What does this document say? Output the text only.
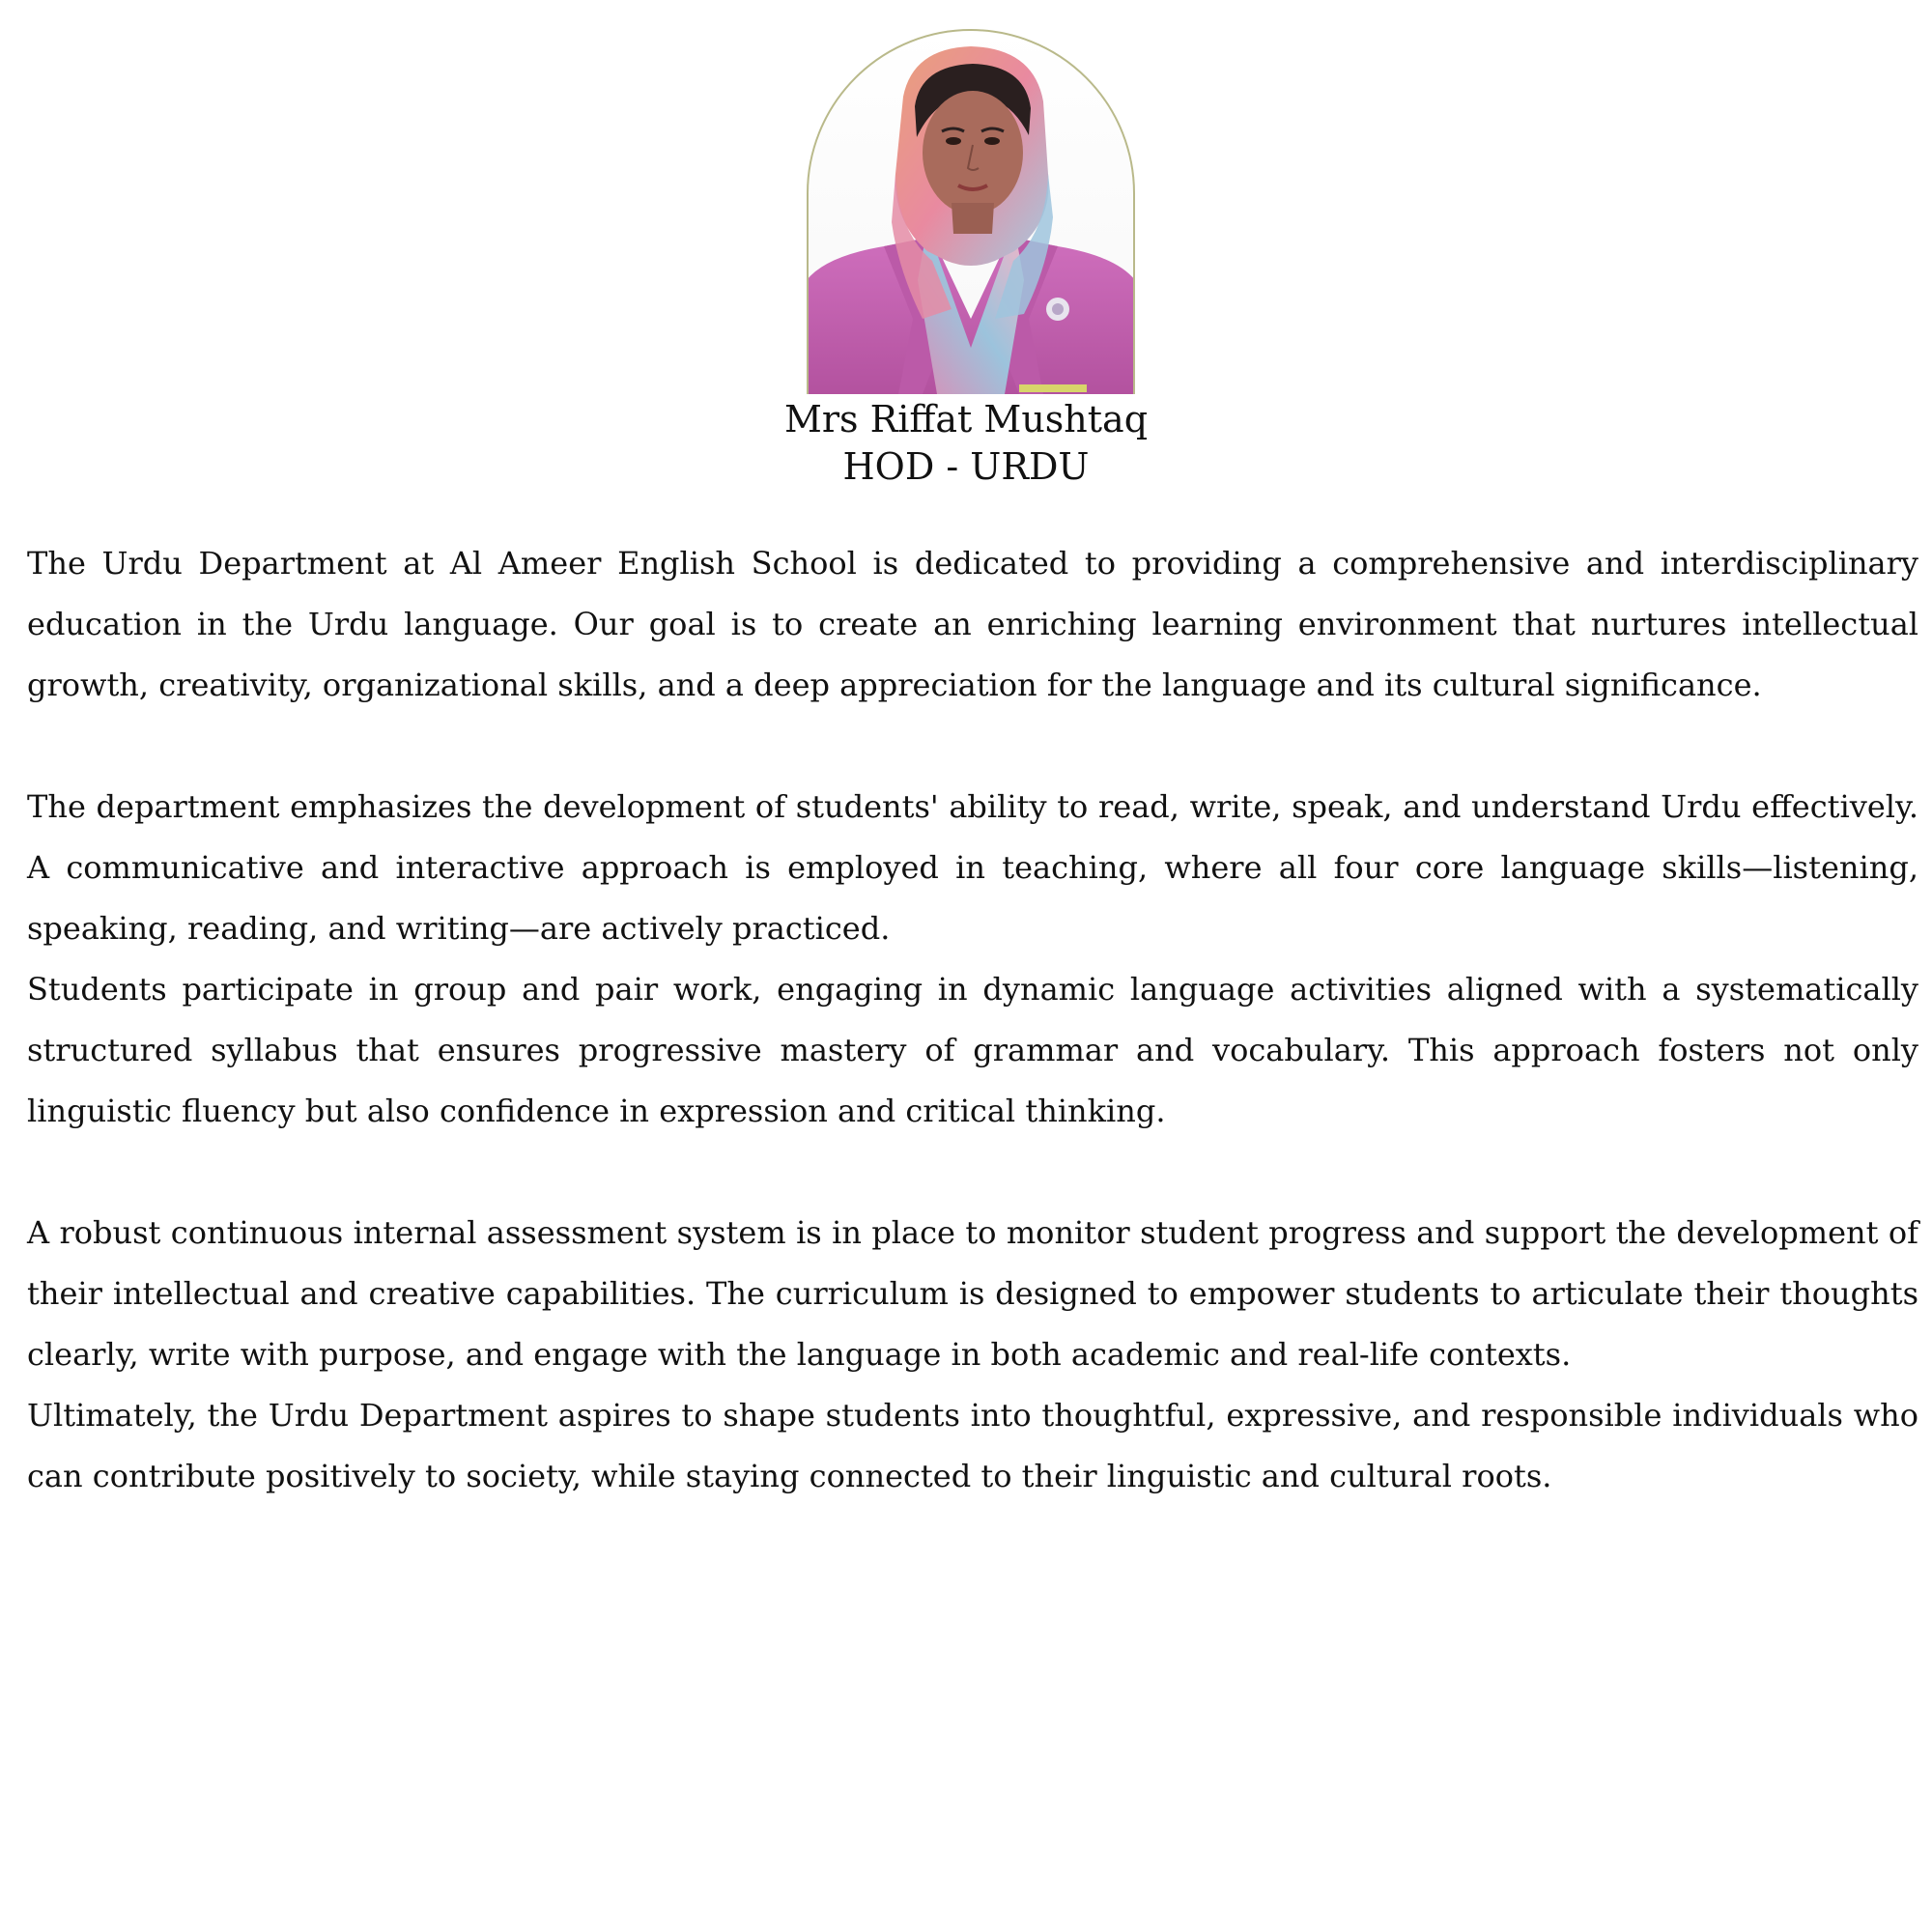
Mrs Riffat Mushtaq
HOD - URDU

The Urdu Department at Al Ameer English School is dedicated to providing a comprehensive and interdisciplinary education in the Urdu language. Our goal is to create an enriching learning environment that nurtures intellectual growth, creativity, organizational skills, and a deep appreciation for the language and its cultural significance.

The department emphasizes the development of students' ability to read, write, speak, and understand Urdu effectively. A communicative and interactive approach is employed in teaching, where all four core language skills—listening, speaking, reading, and writing—are actively practiced.

Students participate in group and pair work, engaging in dynamic language activities aligned with a systematically structured syllabus that ensures progressive mastery of grammar and vocabulary. This approach fosters not only linguistic fluency but also confidence in expression and critical thinking.

A robust continuous internal assessment system is in place to monitor student progress and support the development of their intellectual and creative capabilities. The curriculum is designed to empower students to articulate their thoughts clearly, write with purpose, and engage with the language in both academic and real-life contexts.

Ultimately, the Urdu Department aspires to shape students into thoughtful, expressive, and responsible individuals who can contribute positively to society, while staying connected to their linguistic and cultural roots.
